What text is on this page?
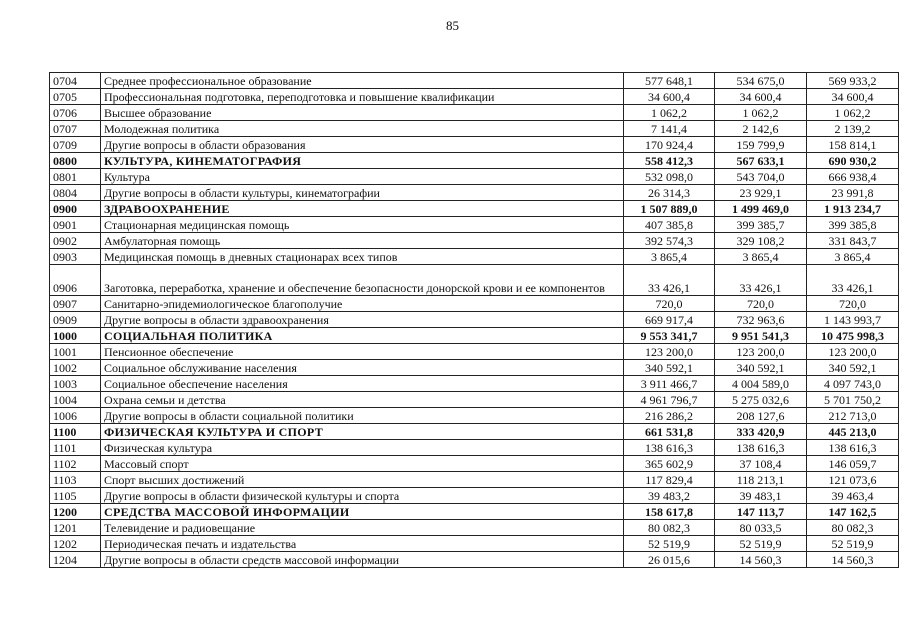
85
0704	Среднее профессиональное образование	577 648,1	534 675,0	569 933,2
0705	Профессиональная подготовка, переподготовка и повышение квалификации	34 600,4	34 600,4	34 600,4
0706	Высшее образование	1 062,2	1 062,2	1 062,2
0707	Молодежная политика	7 141,4	2 142,6	2 139,2
0709	Другие вопросы в области образования	170 924,4	159 799,9	158 814,1
0800	КУЛЬТУРА, КИНЕМАТОГРАФИЯ	558 412,3	567 633,1	690 930,2
0801	Культура	532 098,0	543 704,0	666 938,4
0804	Другие вопросы в области культуры, кинематографии	26 314,3	23 929,1	23 991,8
0900	ЗДРАВООХРАНЕНИЕ	1 507 889,0	1 499 469,0	1 913 234,7
0901	Стационарная медицинская помощь	407 385,8	399 385,7	399 385,8
0902	Амбулаторная помощь	392 574,3	329 108,2	331 843,7
0903	Медицинская помощь в дневных стационарах всех типов	3 865,4	3 865,4	3 865,4
0906	Заготовка, переработка, хранение и обеспечение безопасности донорской крови и ее компонентов	33 426,1	33 426,1	33 426,1
0907	Санитарно-эпидемиологическое благополучие	720,0	720,0	720,0
0909	Другие вопросы в области здравоохранения	669 917,4	732 963,6	1 143 993,7
1000	СОЦИАЛЬНАЯ ПОЛИТИКА	9 553 341,7	9 951 541,3	10 475 998,3
1001	Пенсионное обеспечение	123 200,0	123 200,0	123 200,0
1002	Социальное обслуживание населения	340 592,1	340 592,1	340 592,1
1003	Социальное обеспечение населения	3 911 466,7	4 004 589,0	4 097 743,0
1004	Охрана семьи и детства	4 961 796,7	5 275 032,6	5 701 750,2
1006	Другие вопросы в области социальной политики	216 286,2	208 127,6	212 713,0
1100	ФИЗИЧЕСКАЯ КУЛЬТУРА И СПОРТ	661 531,8	333 420,9	445 213,0
1101	Физическая культура	138 616,3	138 616,3	138 616,3
1102	Массовый спорт	365 602,9	37 108,4	146 059,7
1103	Спорт высших достижений	117 829,4	118 213,1	121 073,6
1105	Другие вопросы в области физической культуры и спорта	39 483,2	39 483,1	39 463,4
1200	СРЕДСТВА МАССОВОЙ ИНФОРМАЦИИ	158 617,8	147 113,7	147 162,5
1201	Телевидение и радиовещание	80 082,3	80 033,5	80 082,3
1202	Периодическая печать и издательства	52 519,9	52 519,9	52 519,9
1204	Другие вопросы в области средств массовой информации	26 015,6	14 560,3	14 560,3
